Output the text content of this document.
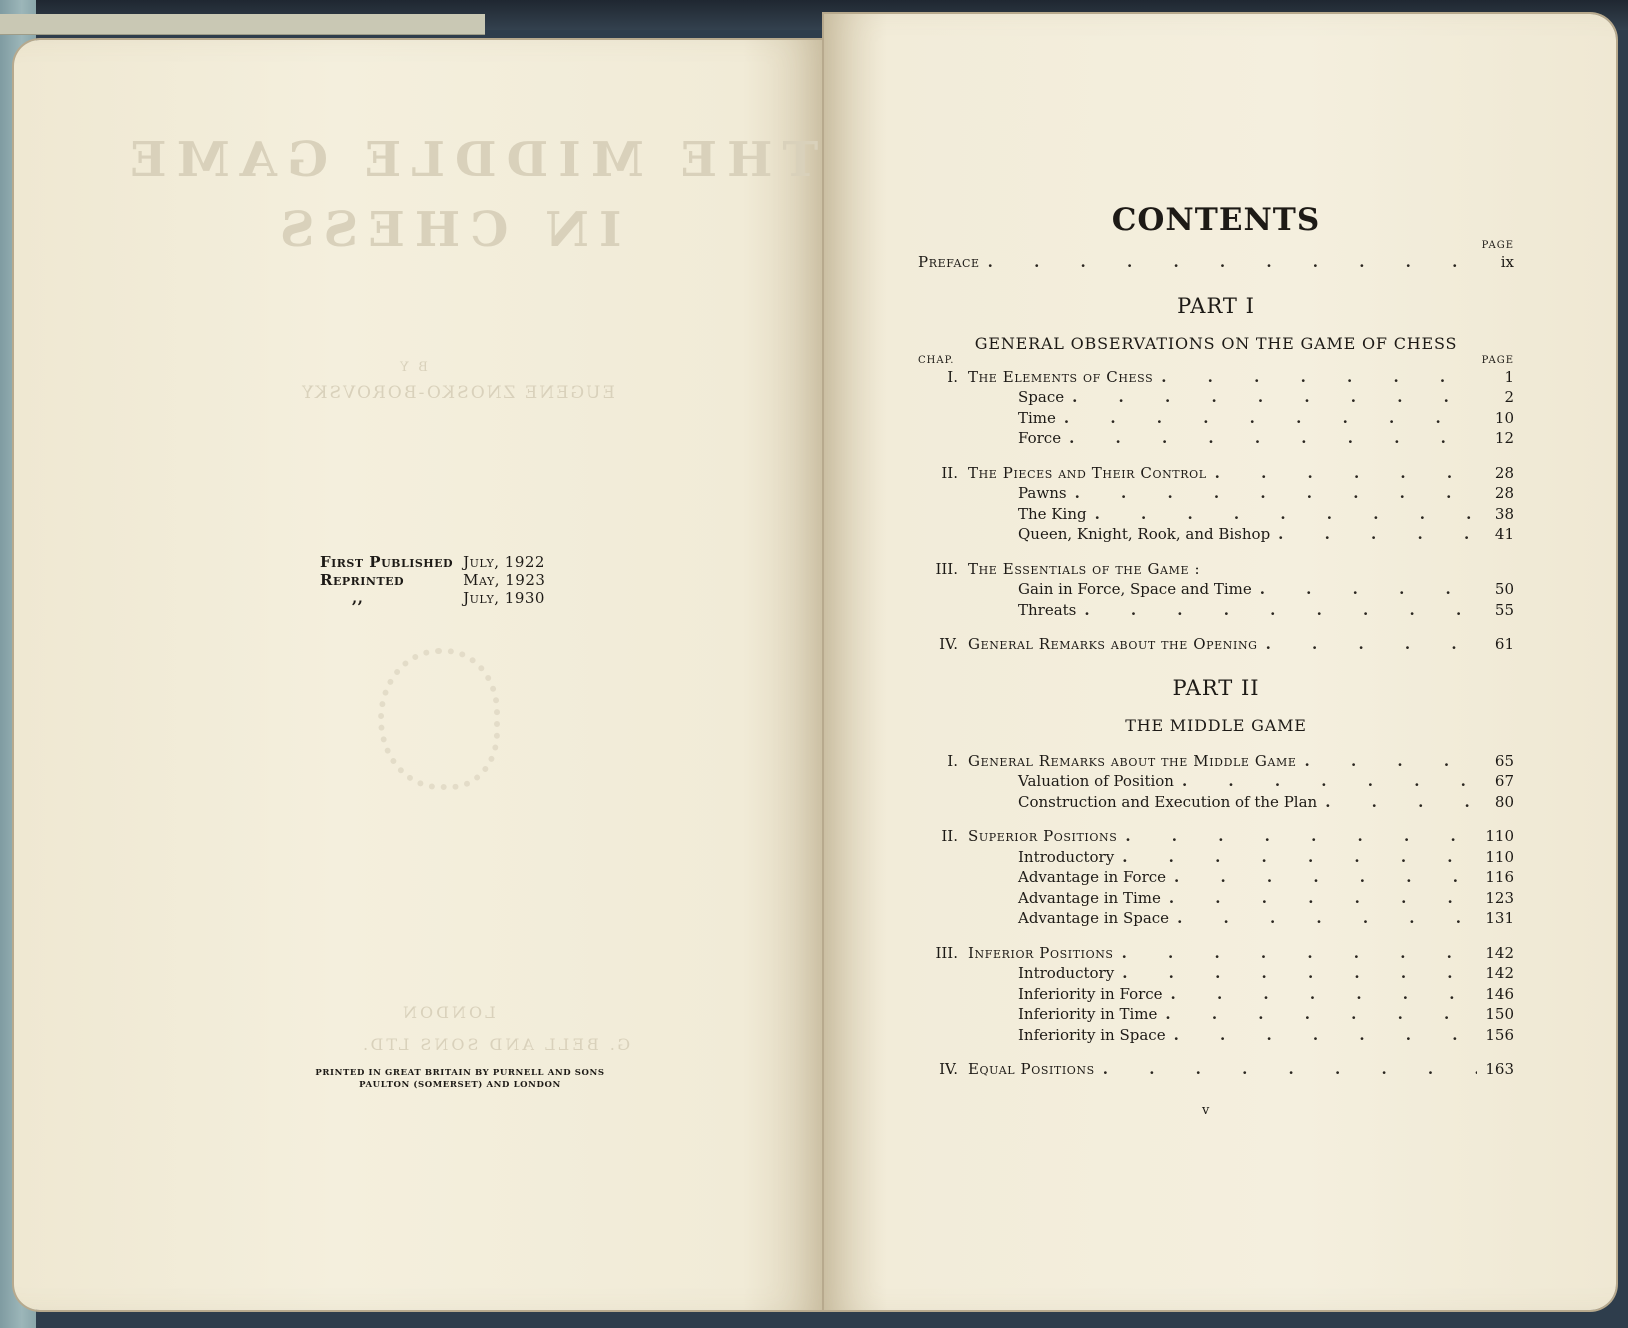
THE MIDDLE GAME
IN CHESS
BY
EUGENE ZNOSKO-BOROVSKY
LONDON
G. BELL AND SONS LTD.
First Published	July, 1922
Reprinted	May, 1923
,,	July, 1930
PRINTED IN GREAT BRITAIN BY PURNELL AND SONS
PAULTON (SOMERSET) AND LONDON
CONTENTS
PAGE
Preface . . .	ix
PART I
GENERAL OBSERVATIONS ON THE GAME OF CHESS
CHAP.	PAGE
I. The Elements of Chess . . .	1
Space . . .	2
Time . . .	10
Force . . .	12
II. The Pieces and Their Control . . .	28
Pawns . . .	28
The King . . .	38
Queen, Knight, Rook, and Bishop . . .	41
III. The Essentials of the Game :
Gain in Force, Space and Time . . .	50
Threats . . .	55
IV. General Remarks about the Opening . . .	61
PART II
THE MIDDLE GAME
I. General Remarks about the Middle Game . . .	65
Valuation of Position . . .	67
Construction and Execution of the Plan . . .	80
II. Superior Positions . . .	110
Introductory . . .	110
Advantage in Force . . .	116
Advantage in Time . . .	123
Advantage in Space . . .	131
III. Inferior Positions . . .	142
Introductory . . .	142
Inferiority in Force . . .	146
Inferiority in Time . . .	150
Inferiority in Space . . .	156
IV. Equal Positions . . .	163
v
